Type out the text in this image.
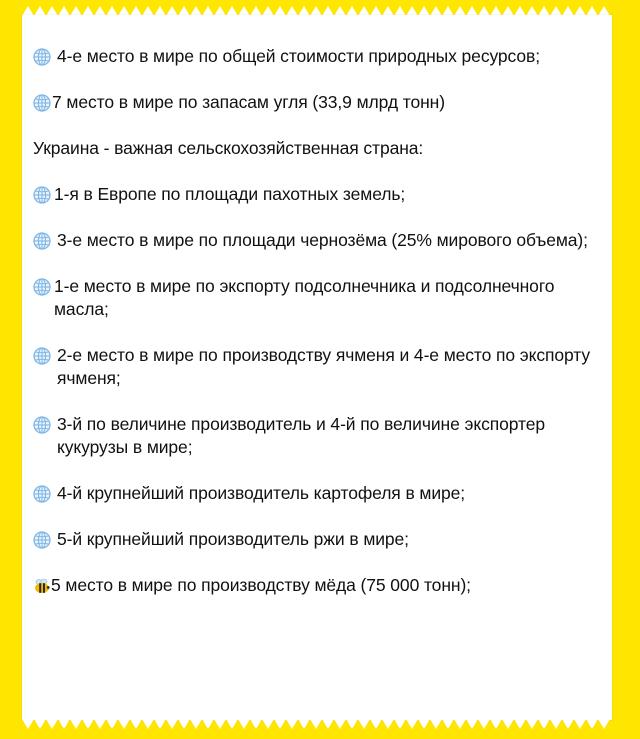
4-е место в мире по общей стоимости природных ресурсов;
7 место в мире по запасам угля (33,9 млрд тонн)
Украина - важная сельскохозяйственная страна:
1-я в Европе по площади пахотных земель;
3-е место в мире по площади чернозёма (25% мирового объема);
1-е место в мире по экспорту подсолнечника и подсолнечного масла;
2-е место в мире по производству ячменя и 4-е место по экспорту ячменя;
3-й по величине производитель и 4-й по величине экспортер кукурузы в мире;
4-й крупнейший производитель картофеля в мире;
5-й крупнейший производитель ржи в мире;
5 место в мире по производству мёда (75 000 тонн);
